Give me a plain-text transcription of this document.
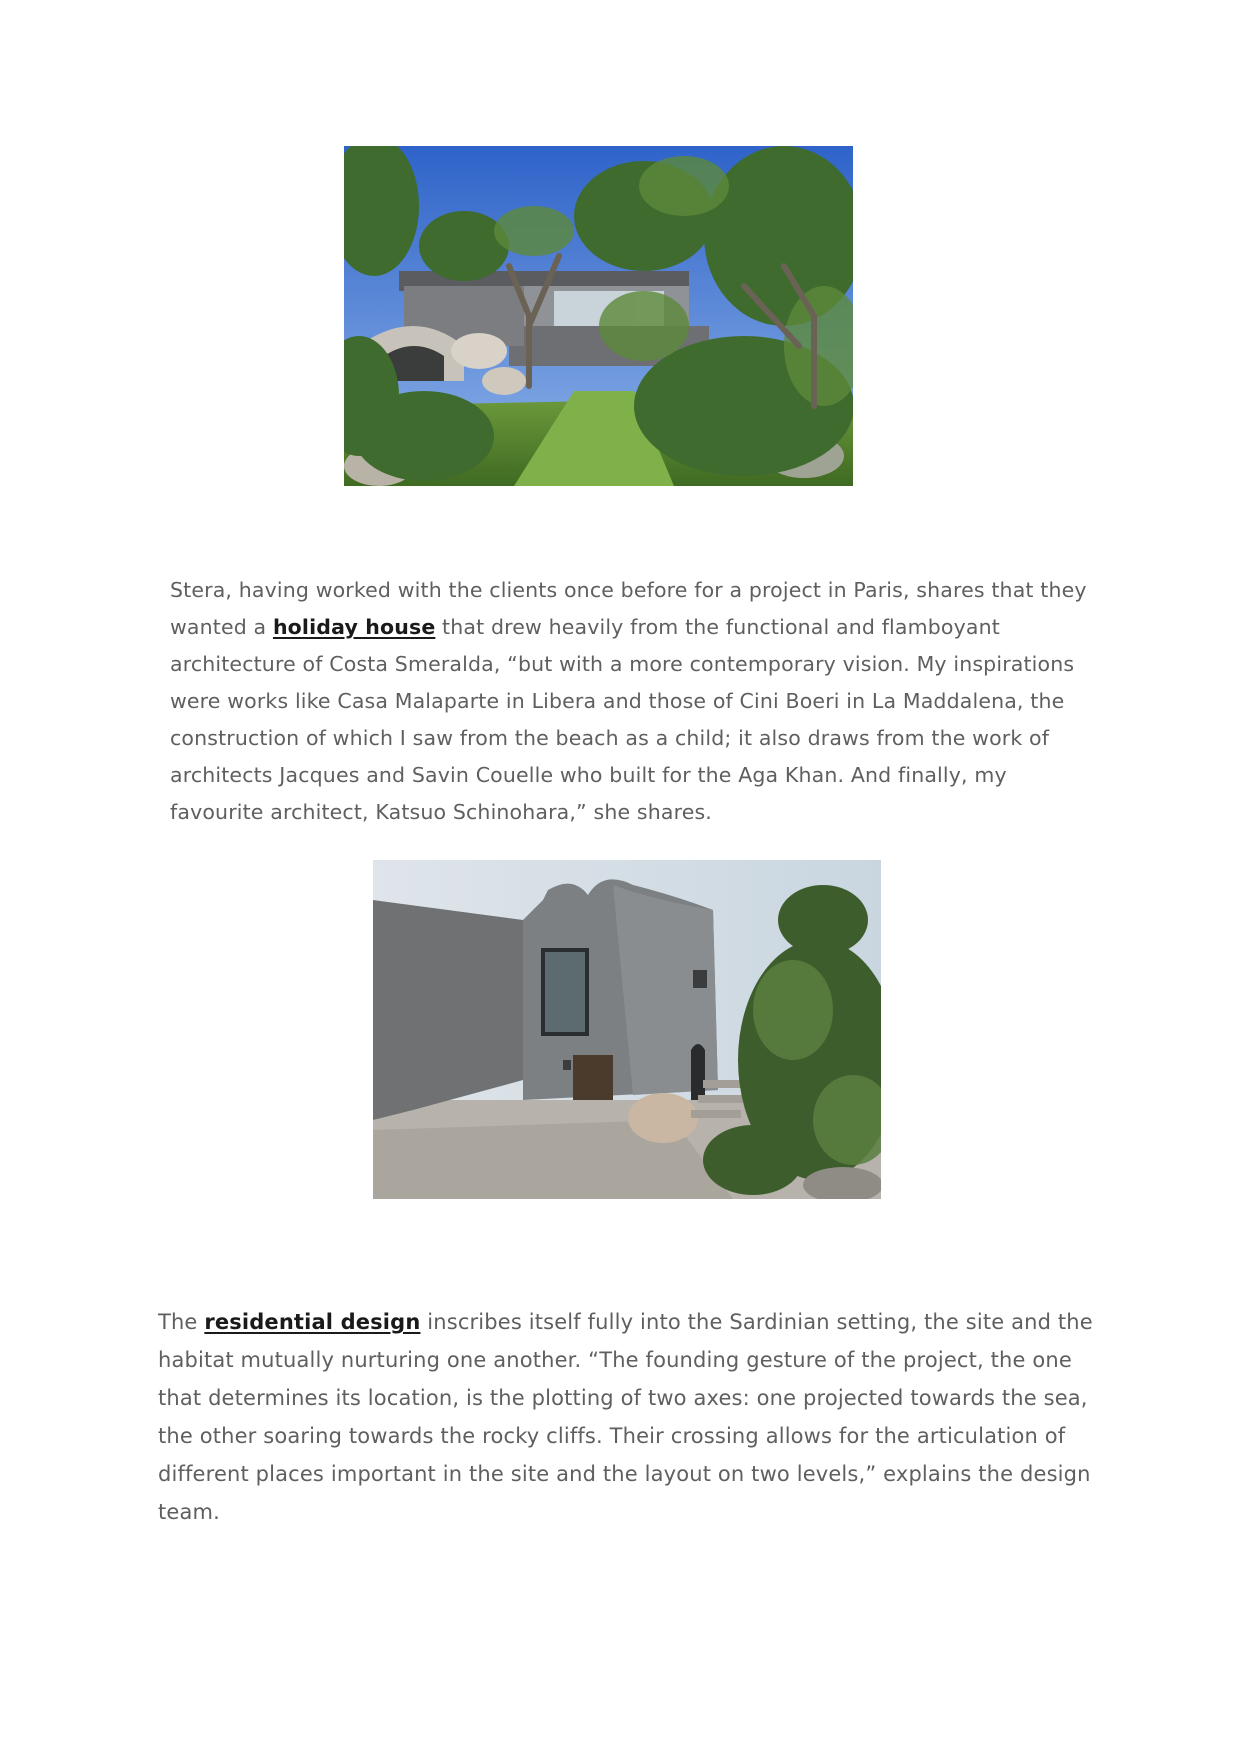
Stera, having worked with the clients once before for a project in Paris, shares that they wanted a holiday house that drew heavily from the functional and flamboyant architecture of Costa Smeralda, “but with a more contemporary vision. My inspirations were works like Casa Malaparte in Libera and those of Cini Boeri in La Maddalena, the construction of which I saw from the beach as a child; it also draws from the work of architects Jacques and Savin Couelle who built for the Aga Khan. And finally, my favourite architect, Katsuo Schinohara,” she shares.

The residential design inscribes itself fully into the Sardinian setting, the site and the habitat mutually nurturing one another. “The founding gesture of the project, the one that determines its location, is the plotting of two axes: one projected towards the sea, the other soaring towards the rocky cliffs. Their crossing allows for the articulation of different places important in the site and the layout on two levels,” explains the design team.
